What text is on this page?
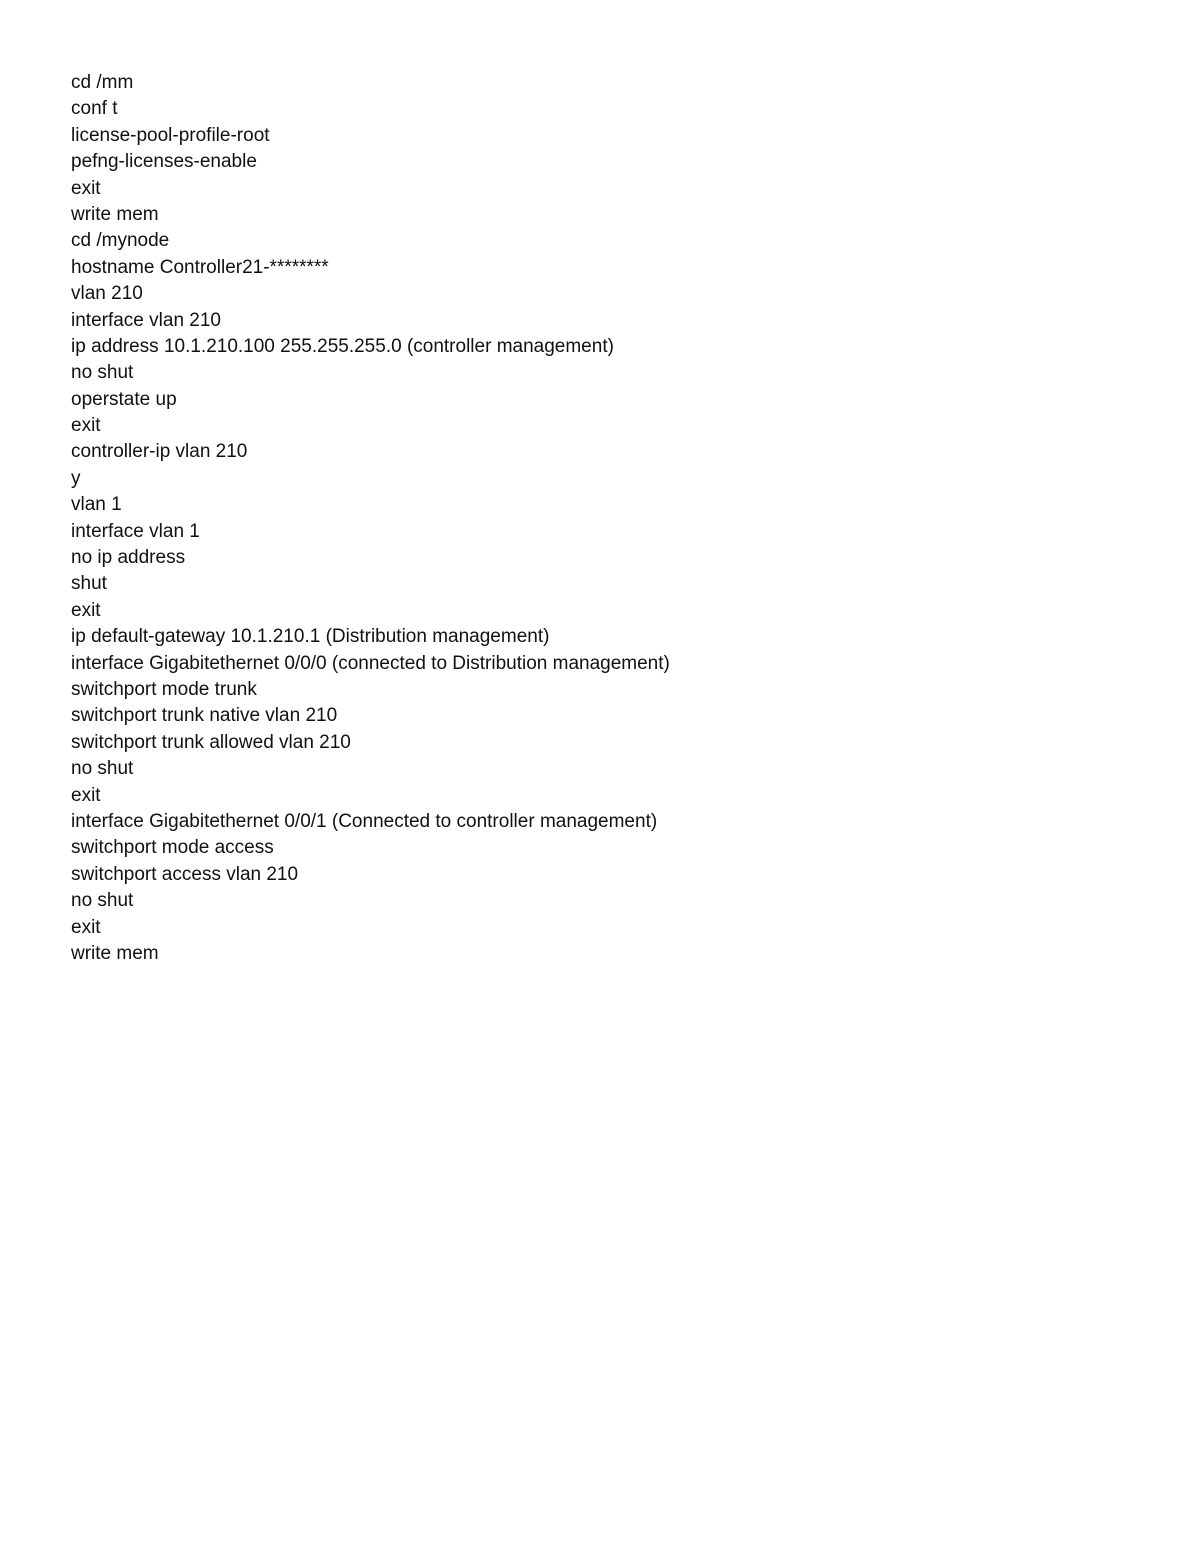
cd /mm
conf t
license-pool-profile-root
pefng-licenses-enable
exit
write mem
cd /mynode
hostname Controller21-********
vlan 210
interface vlan 210
ip address 10.1.210.100 255.255.255.0 (controller management)
no shut
operstate up
exit
controller-ip vlan 210
y
vlan 1
interface vlan 1
no ip address
shut
exit
ip default-gateway 10.1.210.1 (Distribution management)
interface Gigabitethernet 0/0/0 (connected to Distribution management)
switchport mode trunk
switchport trunk native vlan 210
switchport trunk allowed vlan 210
no shut
exit
interface Gigabitethernet 0/0/1 (Connected to controller management)
switchport mode access
switchport access vlan 210
no shut
exit
write mem
